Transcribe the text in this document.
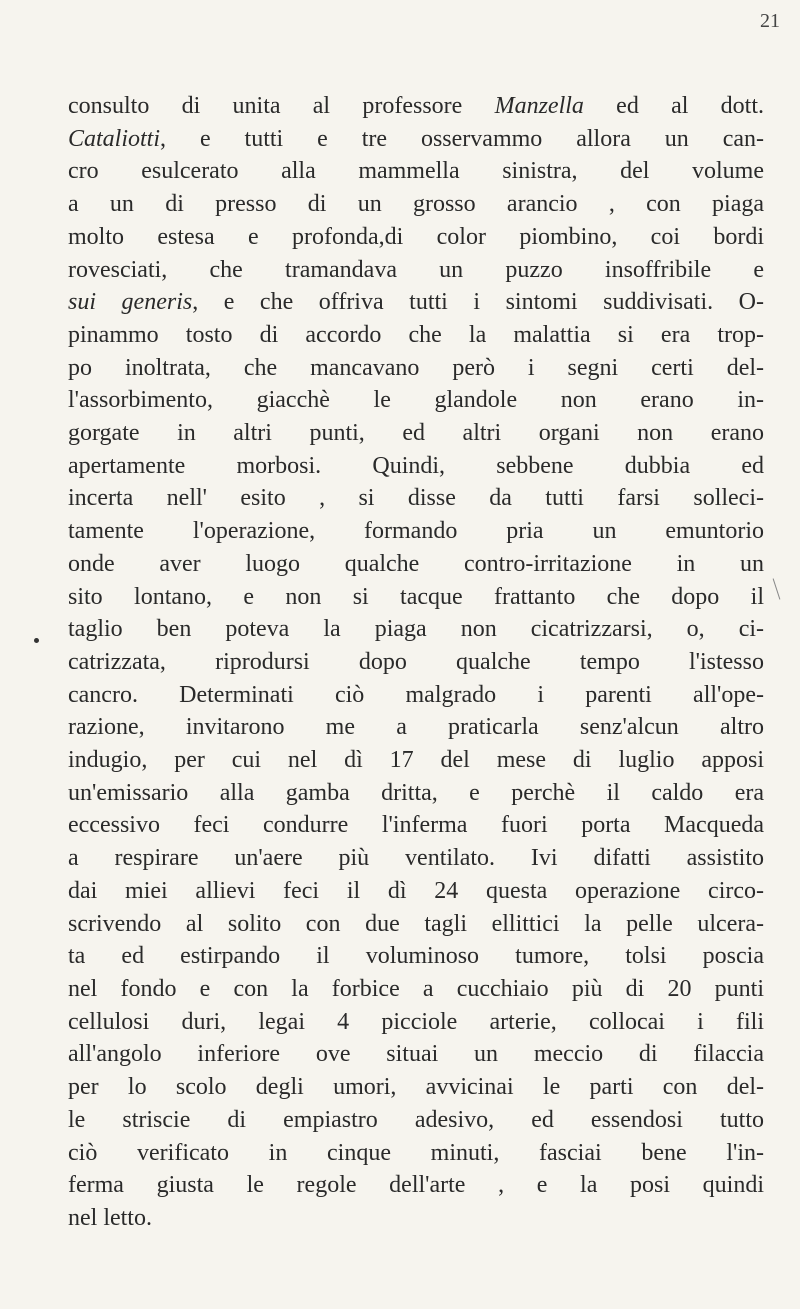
21
consulto di unita al professore Manzella ed al dott.
Cataliotti, e tutti e tre osservammo allora un can-
cro esulcerato alla mammella sinistra, del volume
a un di presso di un grosso arancio , con piaga
molto estesa e profonda,di color piombino, coi bordi
rovesciati, che tramandava un puzzo insoffribile e
sui generis, e che offriva tutti i sintomi suddivisati. O-
pinammo tosto di accordo che la malattia si era trop-
po inoltrata, che mancavano però i segni certi del-
l'assorbimento, giacchè le glandole non erano in-
gorgate in altri punti, ed altri organi non erano
apertamente morbosi. Quindi, sebbene dubbia ed
incerta nell' esito , si disse da tutti farsi solleci-
tamente l'operazione, formando pria un emuntorio
onde aver luogo qualche contro-irritazione in un
sito lontano, e non si tacque frattanto che dopo il
taglio ben poteva la piaga non cicatrizzarsi, o, ci-
catrizzata, riprodursi dopo qualche tempo l'istesso
cancro. Determinati ciò malgrado i parenti all'ope-
razione, invitarono me a praticarla senz'alcun altro
indugio, per cui nel dì 17 del mese di luglio apposi
un'emissario alla gamba dritta, e perchè il caldo era
eccessivo feci condurre l'inferma fuori porta Macqueda
a respirare un'aere più ventilato. Ivi difatti assistito
dai miei allievi feci il dì 24 questa operazione circo-
scrivendo al solito con due tagli ellittici la pelle ulcera-
ta ed estirpando il voluminoso tumore, tolsi poscia
nel fondo e con la forbice a cucchiaio più di 20 punti
cellulosi duri, legai 4 picciole arterie, collocai i fili
all'angolo inferiore ove situai un meccio di filaccia
per lo scolo degli umori, avvicinai le parti con del-
le striscie di empiastro adesivo, ed essendosi tutto
ciò verificato in cinque minuti, fasciai bene l'in-
ferma giusta le regole dell'arte , e la posi quindi
nel letto.
